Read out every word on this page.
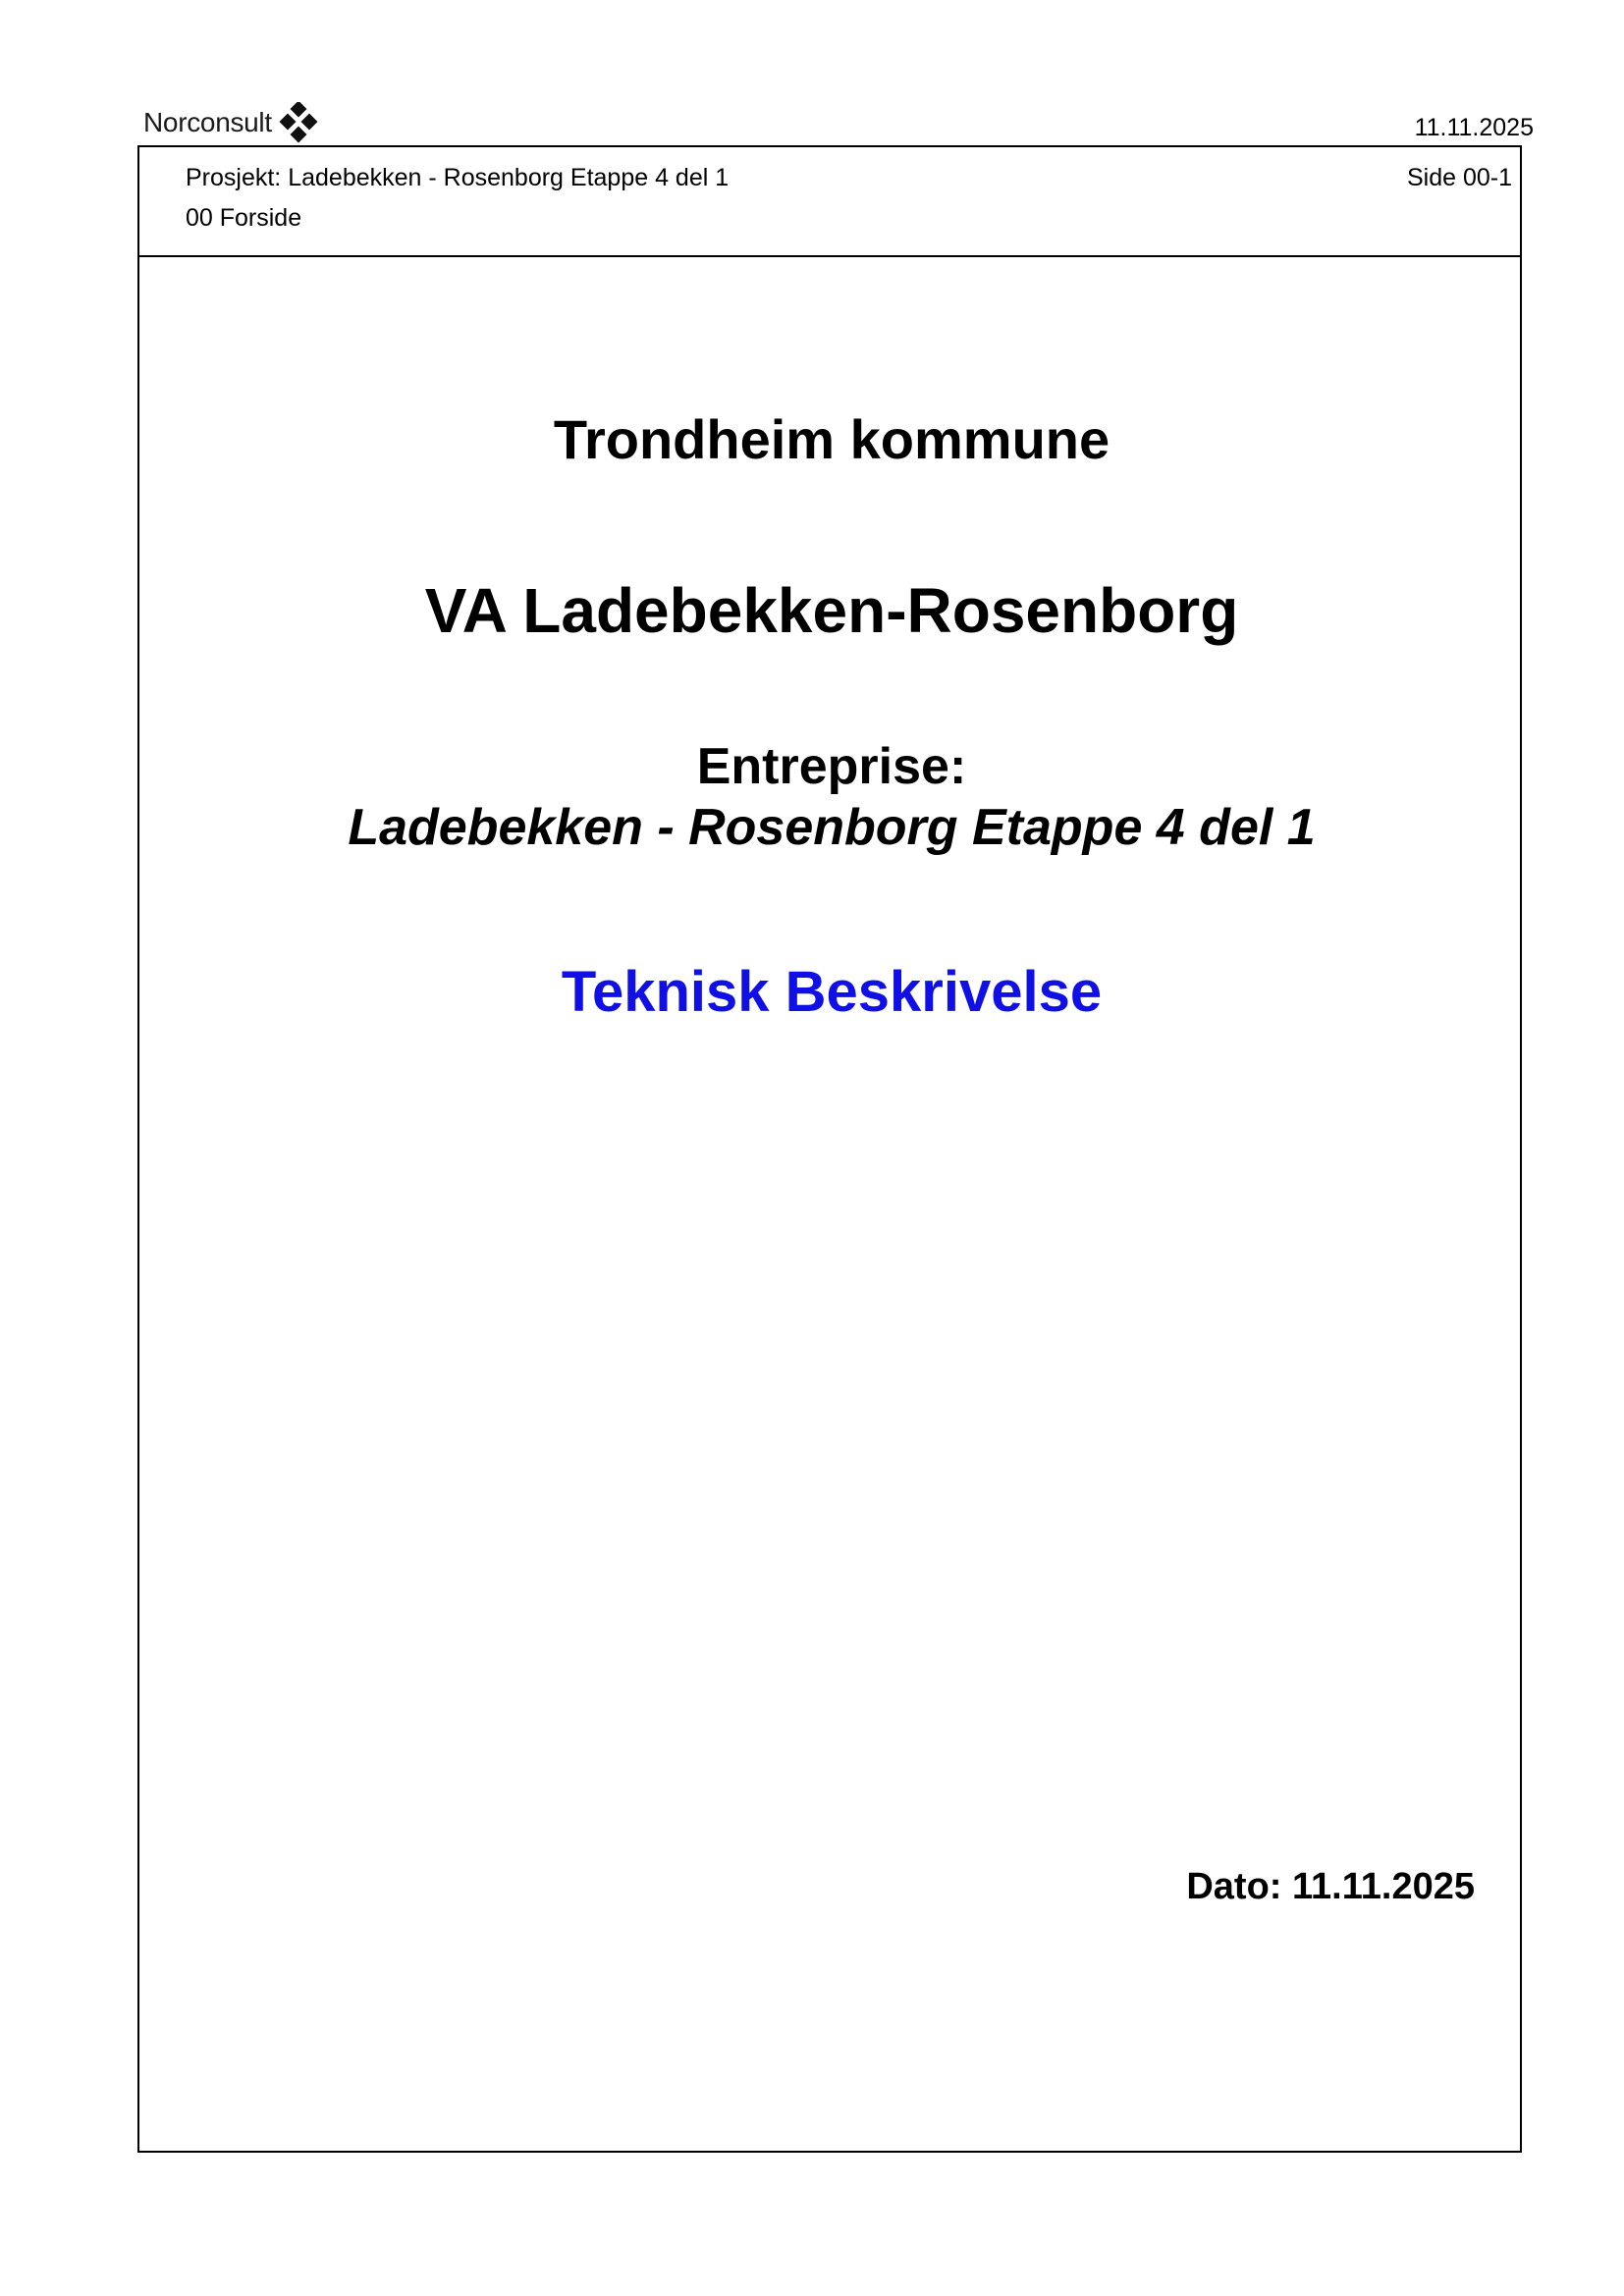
Norconsult	11.11.2025
Prosjekt: Ladebekken - Rosenborg Etappe 4 del 1
00 Forside
Side 00-1
Trondheim kommune
VA Ladebekken-Rosenborg
Entreprise:
Ladebekken - Rosenborg Etappe 4 del 1
Teknisk Beskrivelse
Dato: 11.11.2025
